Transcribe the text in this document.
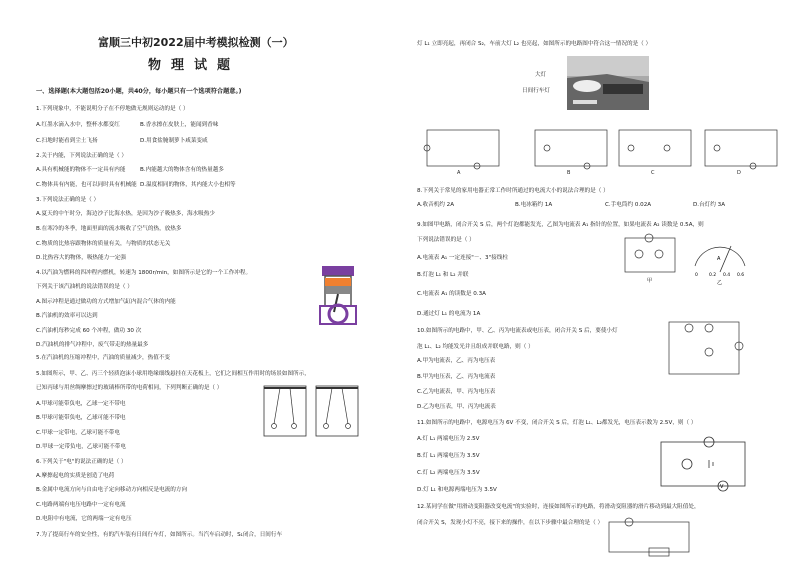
富顺三中初2022届中考模拟检测（一）
物理试题
一、选择题(本大题包括20小题，共40分，每小题只有一个选项符合题意。)
1.下列现象中，不能说明分子在不停地做无规则运动的是（ ）
A.红墨水滴入水中，整杯水都变红	B.香水擦在皮肤上，能闻到香味
C.扫地时能看到尘土飞扬	D.用食盐腌制萝卜咸菜变咸
2.关于内能，下列说法正确的是（ ）
A.具有机械能的物体不一定具有内能	B.内能越大的物体含有的热量越多
C.物体具有内能，也可以同时具有机械能 D.温度相同的物体，其内能大小也相等
3.下列说法正确的是（ ）
A.夏天的中午时分，海边沙子比海水热，是因为沙子吸热多，海水吸热少
B.在寒冷的冬季，地面里面的流水吸收了空气的热，放热多
C.物质的比热容跟物体的质量有关，与物质的状态无关
D.比热容大的物体，吸热能力一定强
4.以汽油为燃料的四冲程内燃机，转速为 1800r/min，如图所示是它的一个工作冲程。
下列关于该汽油机的说法错误的是（ ）
A.图示冲程是通过做功的方式增加气缸内混合气体的内能
B.汽油机的效率可以达到
C.汽油机每秒完成 60 个冲程，做功 30 次
D.汽油机的排气冲程中，废气带走的热量最多
5.在汽油机的压缩冲程中，汽油的质量减少，热值不变
5.如图所示，甲、乙、丙三个轻质泡沫小球用绝缘细线悬挂在天花板上，它们之间相互作用时的场景如图所示，
已知丙球与用丝绸摩擦过的玻璃棒所带的电荷相同，下列判断正确的是（ ）
A.甲球可能带负电，乙球一定不带电
B.甲球可能带负电，乙球可能不带电
C.甲球一定带电，乙球可能不带电
D.甲球一定带负电，乙球可能不带电
6.下列关于"电"的说法正确的是（ ）
A.摩擦起电的实质是创造了电荷
B.金属中电流方向与自由电子定向移动方向相反是电流的方向
C.电路两端有电压电路中一定有电流
D.电阻中有电流，它的两端一定有电压
7.为了提高行车的安全性，有的汽车装有日间行车灯，如图所示。当汽车启动时，S₁闭合，日间行车
灯 L₁ 立即亮起，再闭合 S₂，车前大灯 L₂ 也亮起，如图所示的电路图中符合这一情况的是（ ）
8.下列关于常见的家用电器正常工作时所通过的电流大小的说法合理的是（ ）
9.如图甲电路，闭合开关 S 后，两个灯泡都能发光，乙图为电流表 A₁ 指针的位置，如果电流表 A₂ 读数是 0.5A，则
下列说法错误的是（ ）
A.电流表 A₁ 一定连接"－、3"接线柱
B.灯泡 L₁ 和 L₂ 并联
C.电流表 A₁ 的读数是 0.3A
D.通过灯 L₁ 的电流为 1A
10.如图所示的电路中，甲、乙、丙为电流表或电压表，闭合开关 S 后，要使小灯
泡 L₁、L₂ 均能发光并且组成并联电路，则（ ）
A.甲为电流表，乙、丙为电压表
B.甲为电压表，乙、丙为电流表
C.乙为电流表，甲、丙为电压表
D.乙为电压表，甲、丙为电流表
11.如图所示的电路中，电源电压为 6V 不变，闭合开关 S 后，灯泡 L₁、L₂都发光，电压表示数为 2.5V，则（ ）
A.灯 L₁ 两端电压为 2.5V
B.灯 L₁ 两端电压为 3.5V
C.灯 L₂ 两端电压为 3.5V
D.灯 L₁ 和电源两端电压为 3.5V
12.某同学在做"用滑动变阻器改变电流"的实验时，连接如图所示的电路，将滑动变阻器的滑片移动到最大阻值处，
闭合开关 S，发现小灯不亮，接下来的操作，在以下步骤中最合理的是（ ）
大灯
日间行车灯
A	B	C	D
A.收音机约 2A	B.电冰箱约 1A	C.手电筒约 0.02A	D.台灯约 3A
甲
0 0.2 0.4 0.6
A
乙
V
